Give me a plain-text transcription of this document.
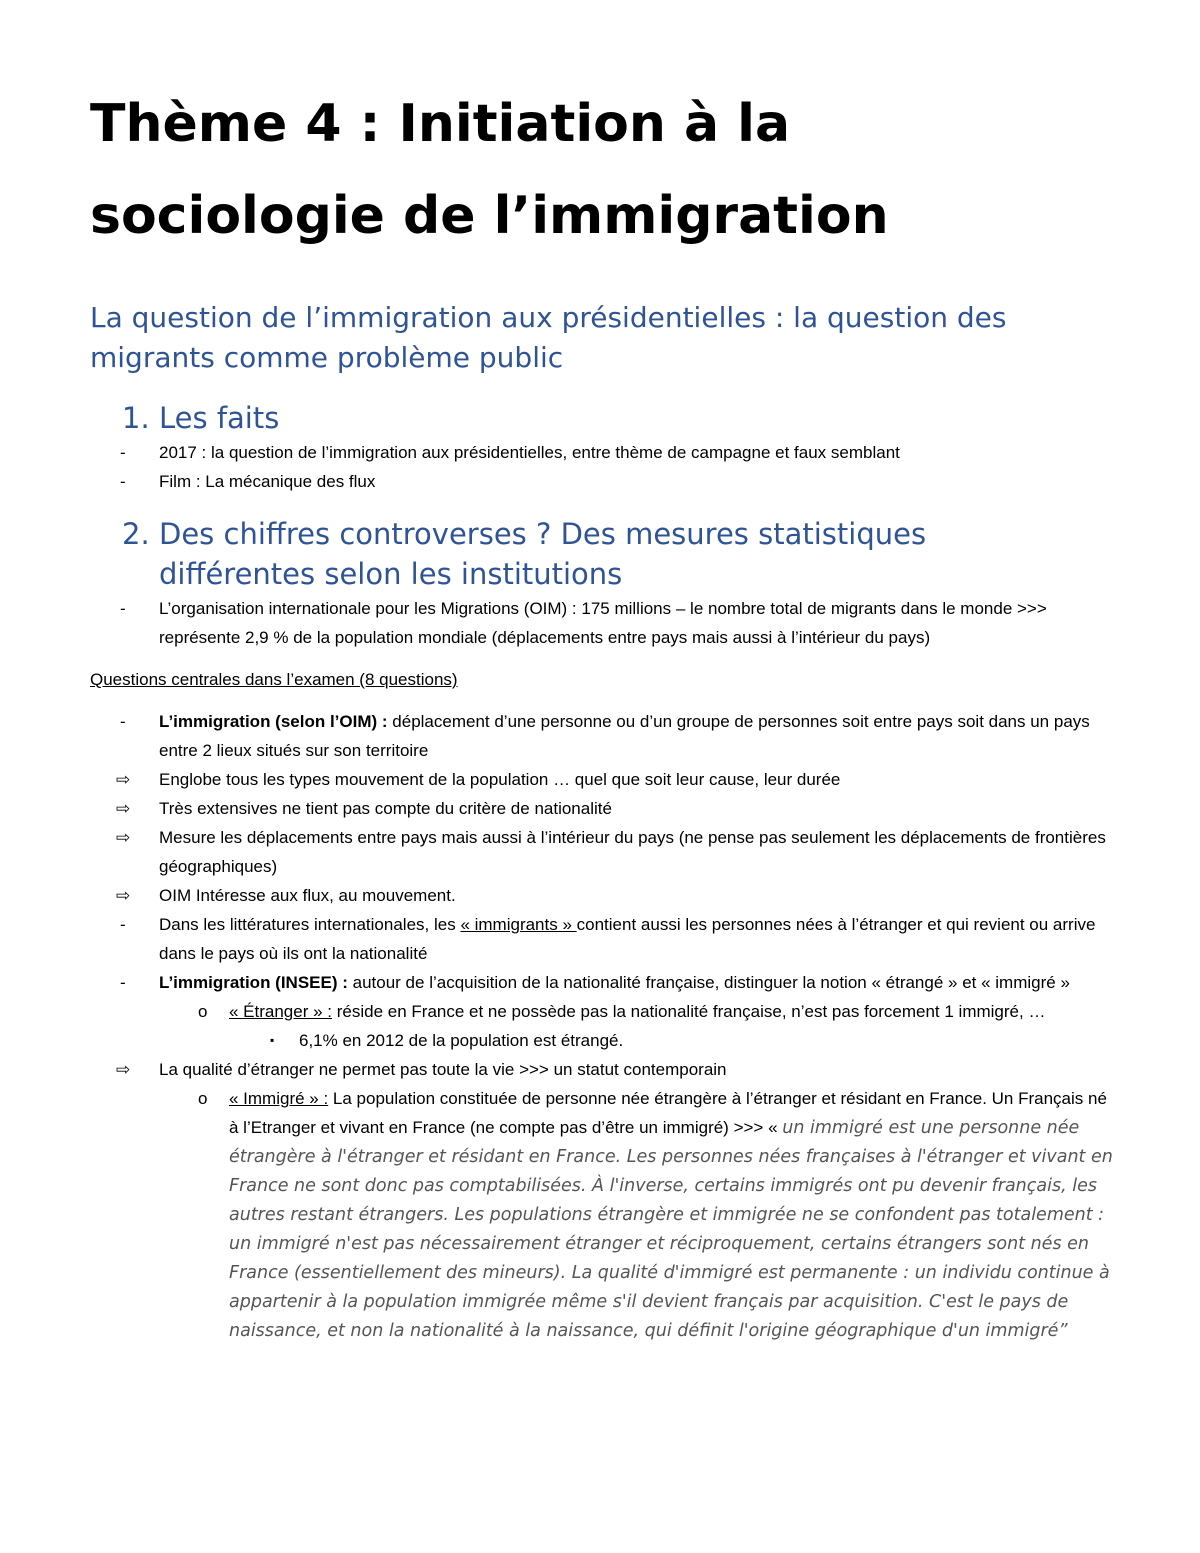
Thème 4 : Initiation à la
sociologie de l’immigration
La question de l’immigration aux présidentielles : la question des migrants comme problème public
1. Les faits
- 2017 : la question de l’immigration aux présidentielles, entre thème de campagne et faux semblant
- Film : La mécanique des flux
2. Des chiffres controverses ? Des mesures statistiques
différentes selon les institutions
- L’organisation internationale pour les Migrations (OIM) : 175 millions – le nombre total de migrants dans le monde >>> représente 2,9 % de la population mondiale (déplacements entre pays mais aussi à l’intérieur du pays)
Questions centrales dans l’examen (8 questions)
- L’immigration (selon l’OIM) : déplacement d’une personne ou d’un groupe de personnes soit entre pays soit dans un pays entre 2 lieux situés sur son territoire
⇨ Englobe tous les types mouvement de la population … quel que soit leur cause, leur durée
⇨ Très extensives ne tient pas compte du critère de nationalité
⇨ Mesure les déplacements entre pays mais aussi à l’intérieur du pays (ne pense pas seulement les déplacements de frontières géographiques)
⇨ OIM Intéresse aux flux, au mouvement.
- Dans les littératures internationales, les « immigrants » contient aussi les personnes nées à l’étranger et qui revient ou arrive dans le pays où ils ont la nationalité
- L’immigration (INSEE) : autour de l’acquisition de la nationalité française, distinguer la notion « étrangé » et « immigré »
o « Étranger » : réside en France et ne possède pas la nationalité française, n’est pas forcement 1 immigré, …
▪ 6,1% en 2012 de la population est étrangé.
⇨ La qualité d’étranger ne permet pas toute la vie >>> un statut contemporain
o « Immigré » : La population constituée de personne née étrangère à l’étranger et résidant en France. Un Français né à l’Etranger et vivant en France (ne compte pas d’être un immigré) >>> « un immigré est une personne née étrangère à l'étranger et résidant en France. Les personnes nées françaises à l'étranger et vivant en France ne sont donc pas comptabilisées. À l'inverse, certains immigrés ont pu devenir français, les autres restant étrangers. Les populations étrangère et immigrée ne se confondent pas totalement : un immigré n'est pas nécessairement étranger et réciproquement, certains étrangers sont nés en France (essentiellement des mineurs). La qualité d'immigré est permanente : un individu continue à appartenir à la population immigrée même s'il devient français par acquisition. C'est le pays de naissance, et non la nationalité à la naissance, qui définit l'origine géographique d'un immigré”
